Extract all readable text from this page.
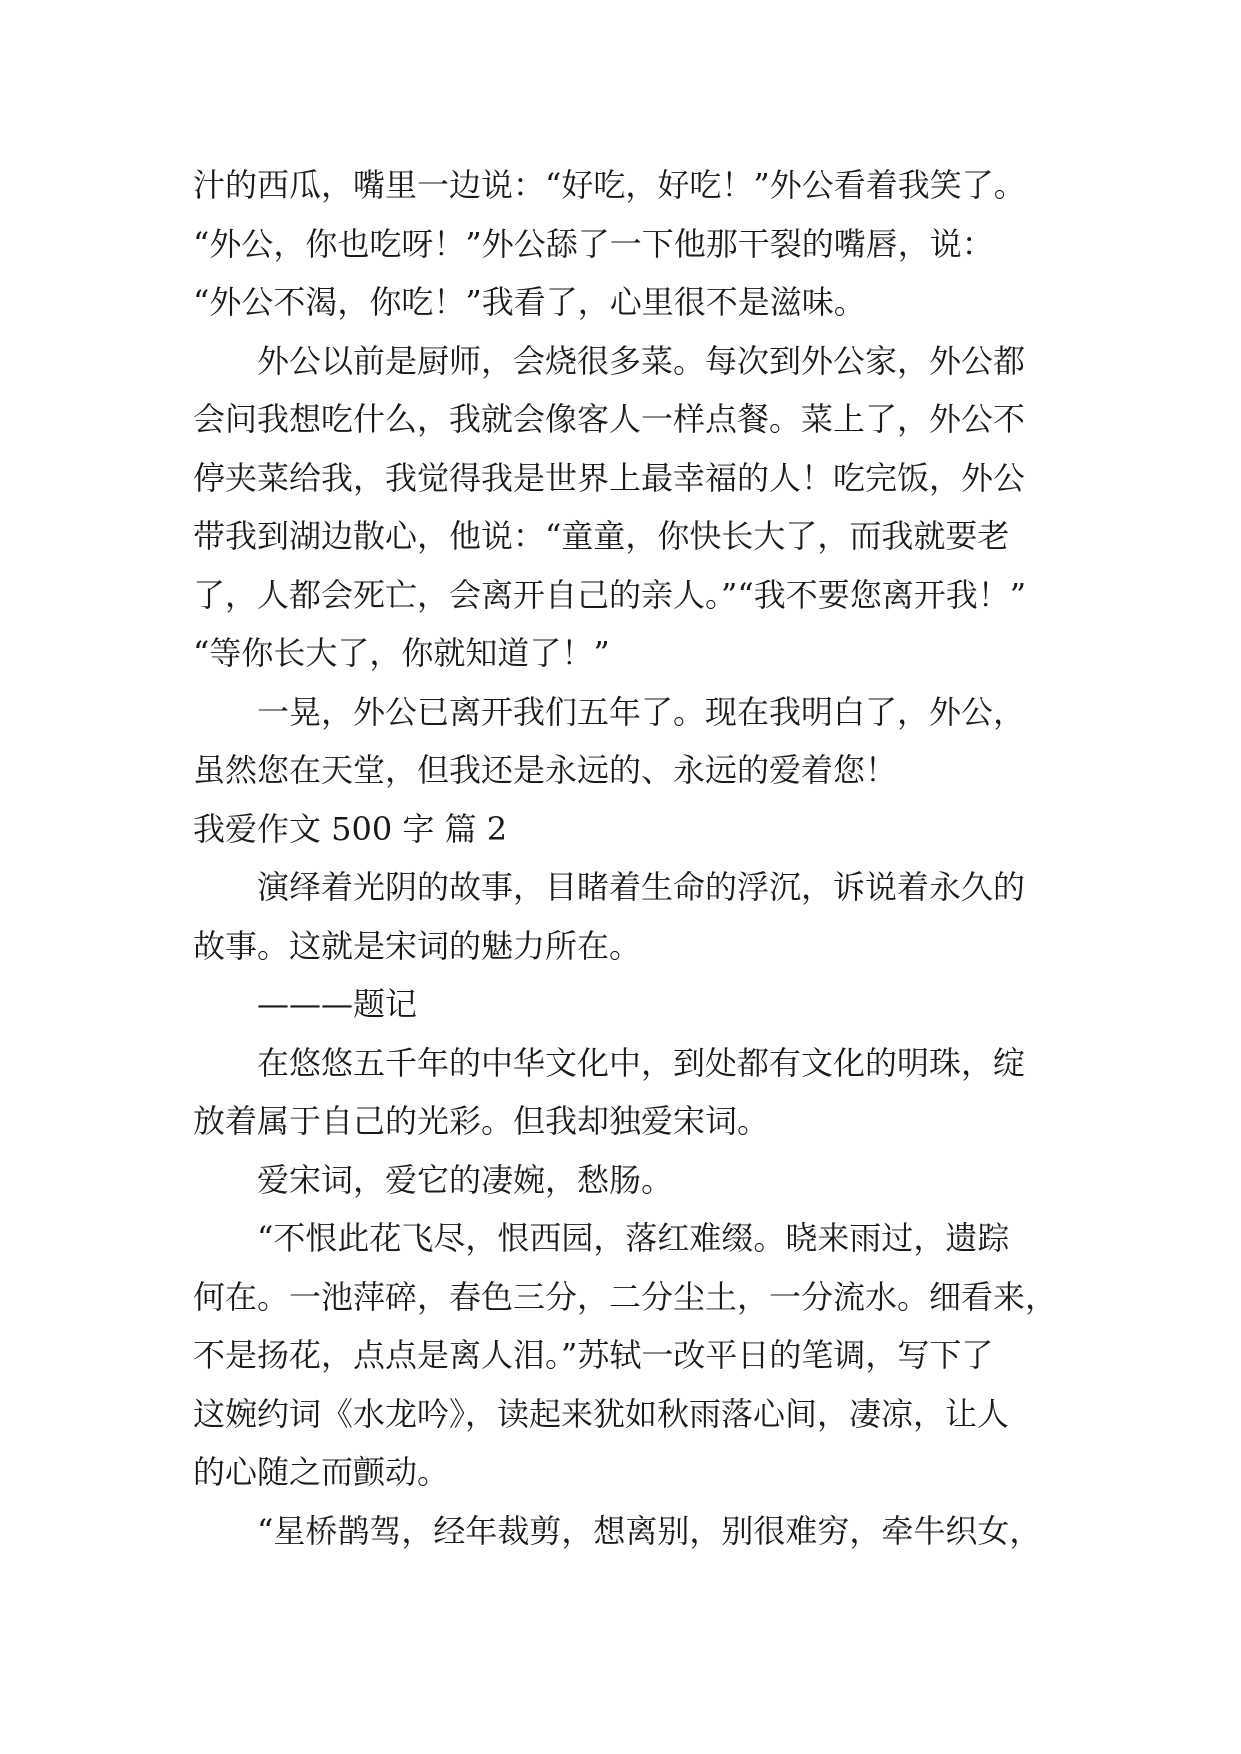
汁的西瓜，嘴里一边说：“好吃，好吃！”外公看着我笑了。
“外公，你也吃呀！”外公舔了一下他那干裂的嘴唇，说：
“外公不渴，你吃！”我看了，心里很不是滋味。
外公以前是厨师，会烧很多菜。每次到外公家，外公都
会问我想吃什么，我就会像客人一样点餐。菜上了，外公不
停夹菜给我，我觉得我是世界上最幸福的人！吃完饭，外公
带我到湖边散心，他说：“童童，你快长大了，而我就要老
了，人都会死亡，会离开自己的亲人。”“我不要您离开我！”
“等你长大了，你就知道了！”
一晃，外公已离开我们五年了。现在我明白了，外公，
虽然您在天堂，但我还是永远的、永远的爱着您！
我爱作文 500 字 篇 2
演绎着光阴的故事，目睹着生命的浮沉，诉说着永久的
故事。这就是宋词的魅力所在。
———题记
在悠悠五千年的中华文化中，到处都有文化的明珠，绽
放着属于自己的光彩。但我却独爱宋词。
爱宋词，爱它的凄婉，愁肠。
“不恨此花飞尽，恨西园，落红难缀。晓来雨过，遗踪
何在。一池萍碎，春色三分，二分尘土，一分流水。细看来，
不是扬花，点点是离人泪。”苏轼一改平日的笔调，写下了
这婉约词《水龙吟》，读起来犹如秋雨落心间，凄凉，让人
的心随之而颤动。
“星桥鹊驾，经年裁剪，想离别，别很难穷，牵牛织女，
